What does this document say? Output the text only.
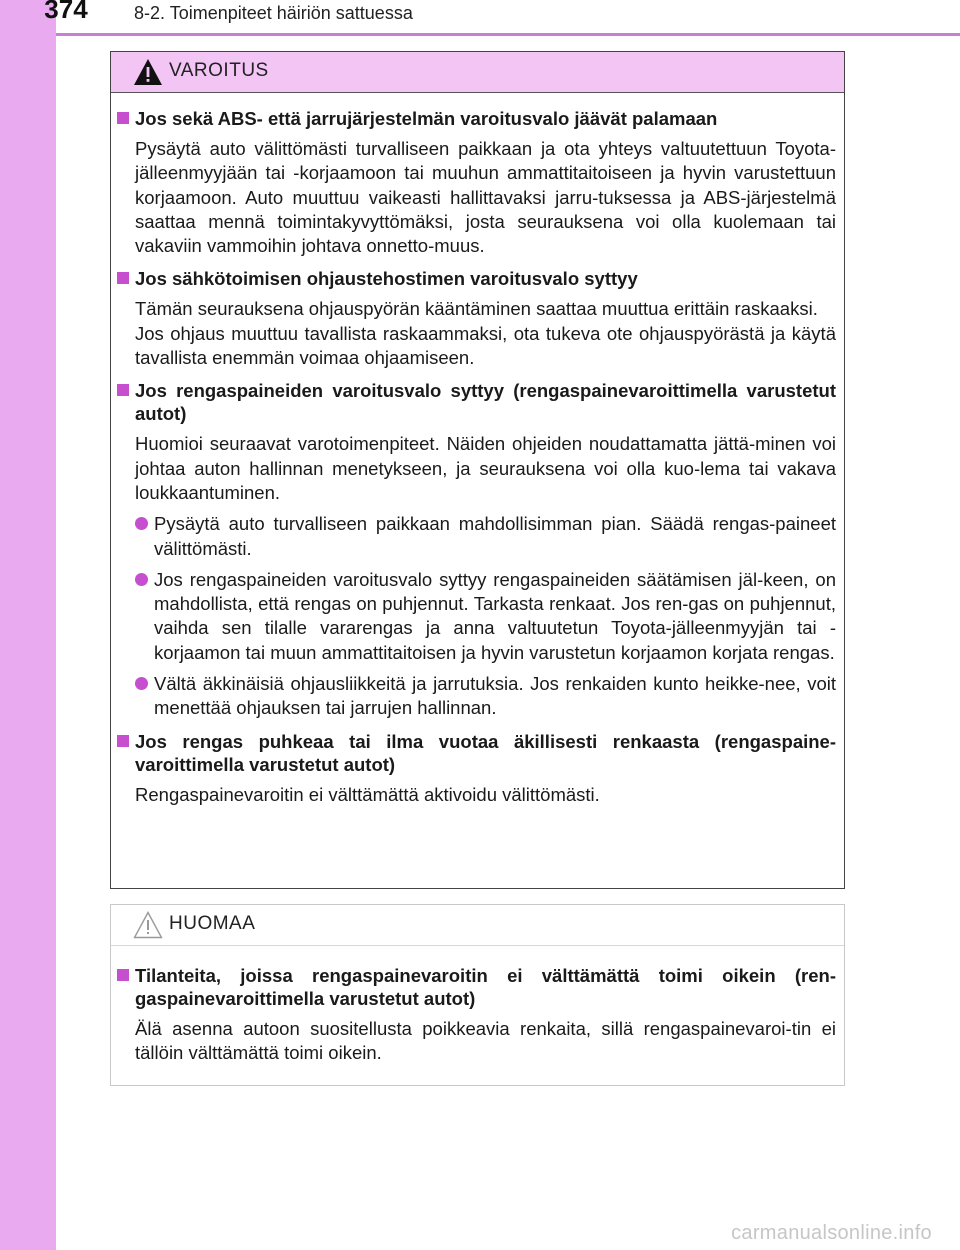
374	8-2. Toimenpiteet häiriön sattuessa
VAROITUS
Jos sekä ABS- että jarrujärjestelmän varoitusvalo jäävät palamaan
Pysäytä auto välittömästi turvalliseen paikkaan ja ota yhteys valtuutettuun Toyota-jälleenmyyjään tai -korjaamoon tai muuhun ammattitaitoiseen ja hyvin varustettuun korjaamoon. Auto muuttuu vaikeasti hallittavaksi jarru-tuksessa ja ABS-järjestelmä saattaa mennä toimintakyvyttömäksi, josta seurauksena voi olla kuolemaan tai vakaviin vammoihin johtava onnetto-muus.
Jos sähkötoimisen ohjaustehostimen varoitusvalo syttyy
Tämän seurauksena ohjauspyörän kääntäminen saattaa muuttua erittäin raskaaksi.
Jos ohjaus muuttuu tavallista raskaammaksi, ota tukeva ote ohjauspyörästä ja käytä tavallista enemmän voimaa ohjaamiseen.
Jos rengaspaineiden varoitusvalo syttyy (rengaspainevaroittimella varustetut autot)
Huomioi seuraavat varotoimenpiteet. Näiden ohjeiden noudattamatta jättä-minen voi johtaa auton hallinnan menetykseen, ja seurauksena voi olla kuo-lema tai vakava loukkaantuminen.
Pysäytä auto turvalliseen paikkaan mahdollisimman pian. Säädä rengas-paineet välittömästi.
Jos rengaspaineiden varoitusvalo syttyy rengaspaineiden säätämisen jäl-keen, on mahdollista, että rengas on puhjennut. Tarkasta renkaat. Jos ren-gas on puhjennut, vaihda sen tilalle vararengas ja anna valtuutetun Toyota-jälleenmyyjän tai -korjaamon tai muun ammattitaitoisen ja hyvin varustetun korjaamon korjata rengas.
Vältä äkkinäisiä ohjausliikkeitä ja jarrutuksia. Jos renkaiden kunto heikke-nee, voit menettää ohjauksen tai jarrujen hallinnan.
Jos rengas puhkeaa tai ilma vuotaa äkillisesti renkaasta (rengaspaine-varoittimella varustetut autot)
Rengaspainevaroitin ei välttämättä aktivoidu välittömästi.
HUOMAA
Tilanteita, joissa rengaspainevaroitin ei välttämättä toimi oikein (ren-gaspainevaroittimella varustetut autot)
Älä asenna autoon suositellusta poikkeavia renkaita, sillä rengaspainevaroi-tin ei tällöin välttämättä toimi oikein.
carmanualsonline.info
